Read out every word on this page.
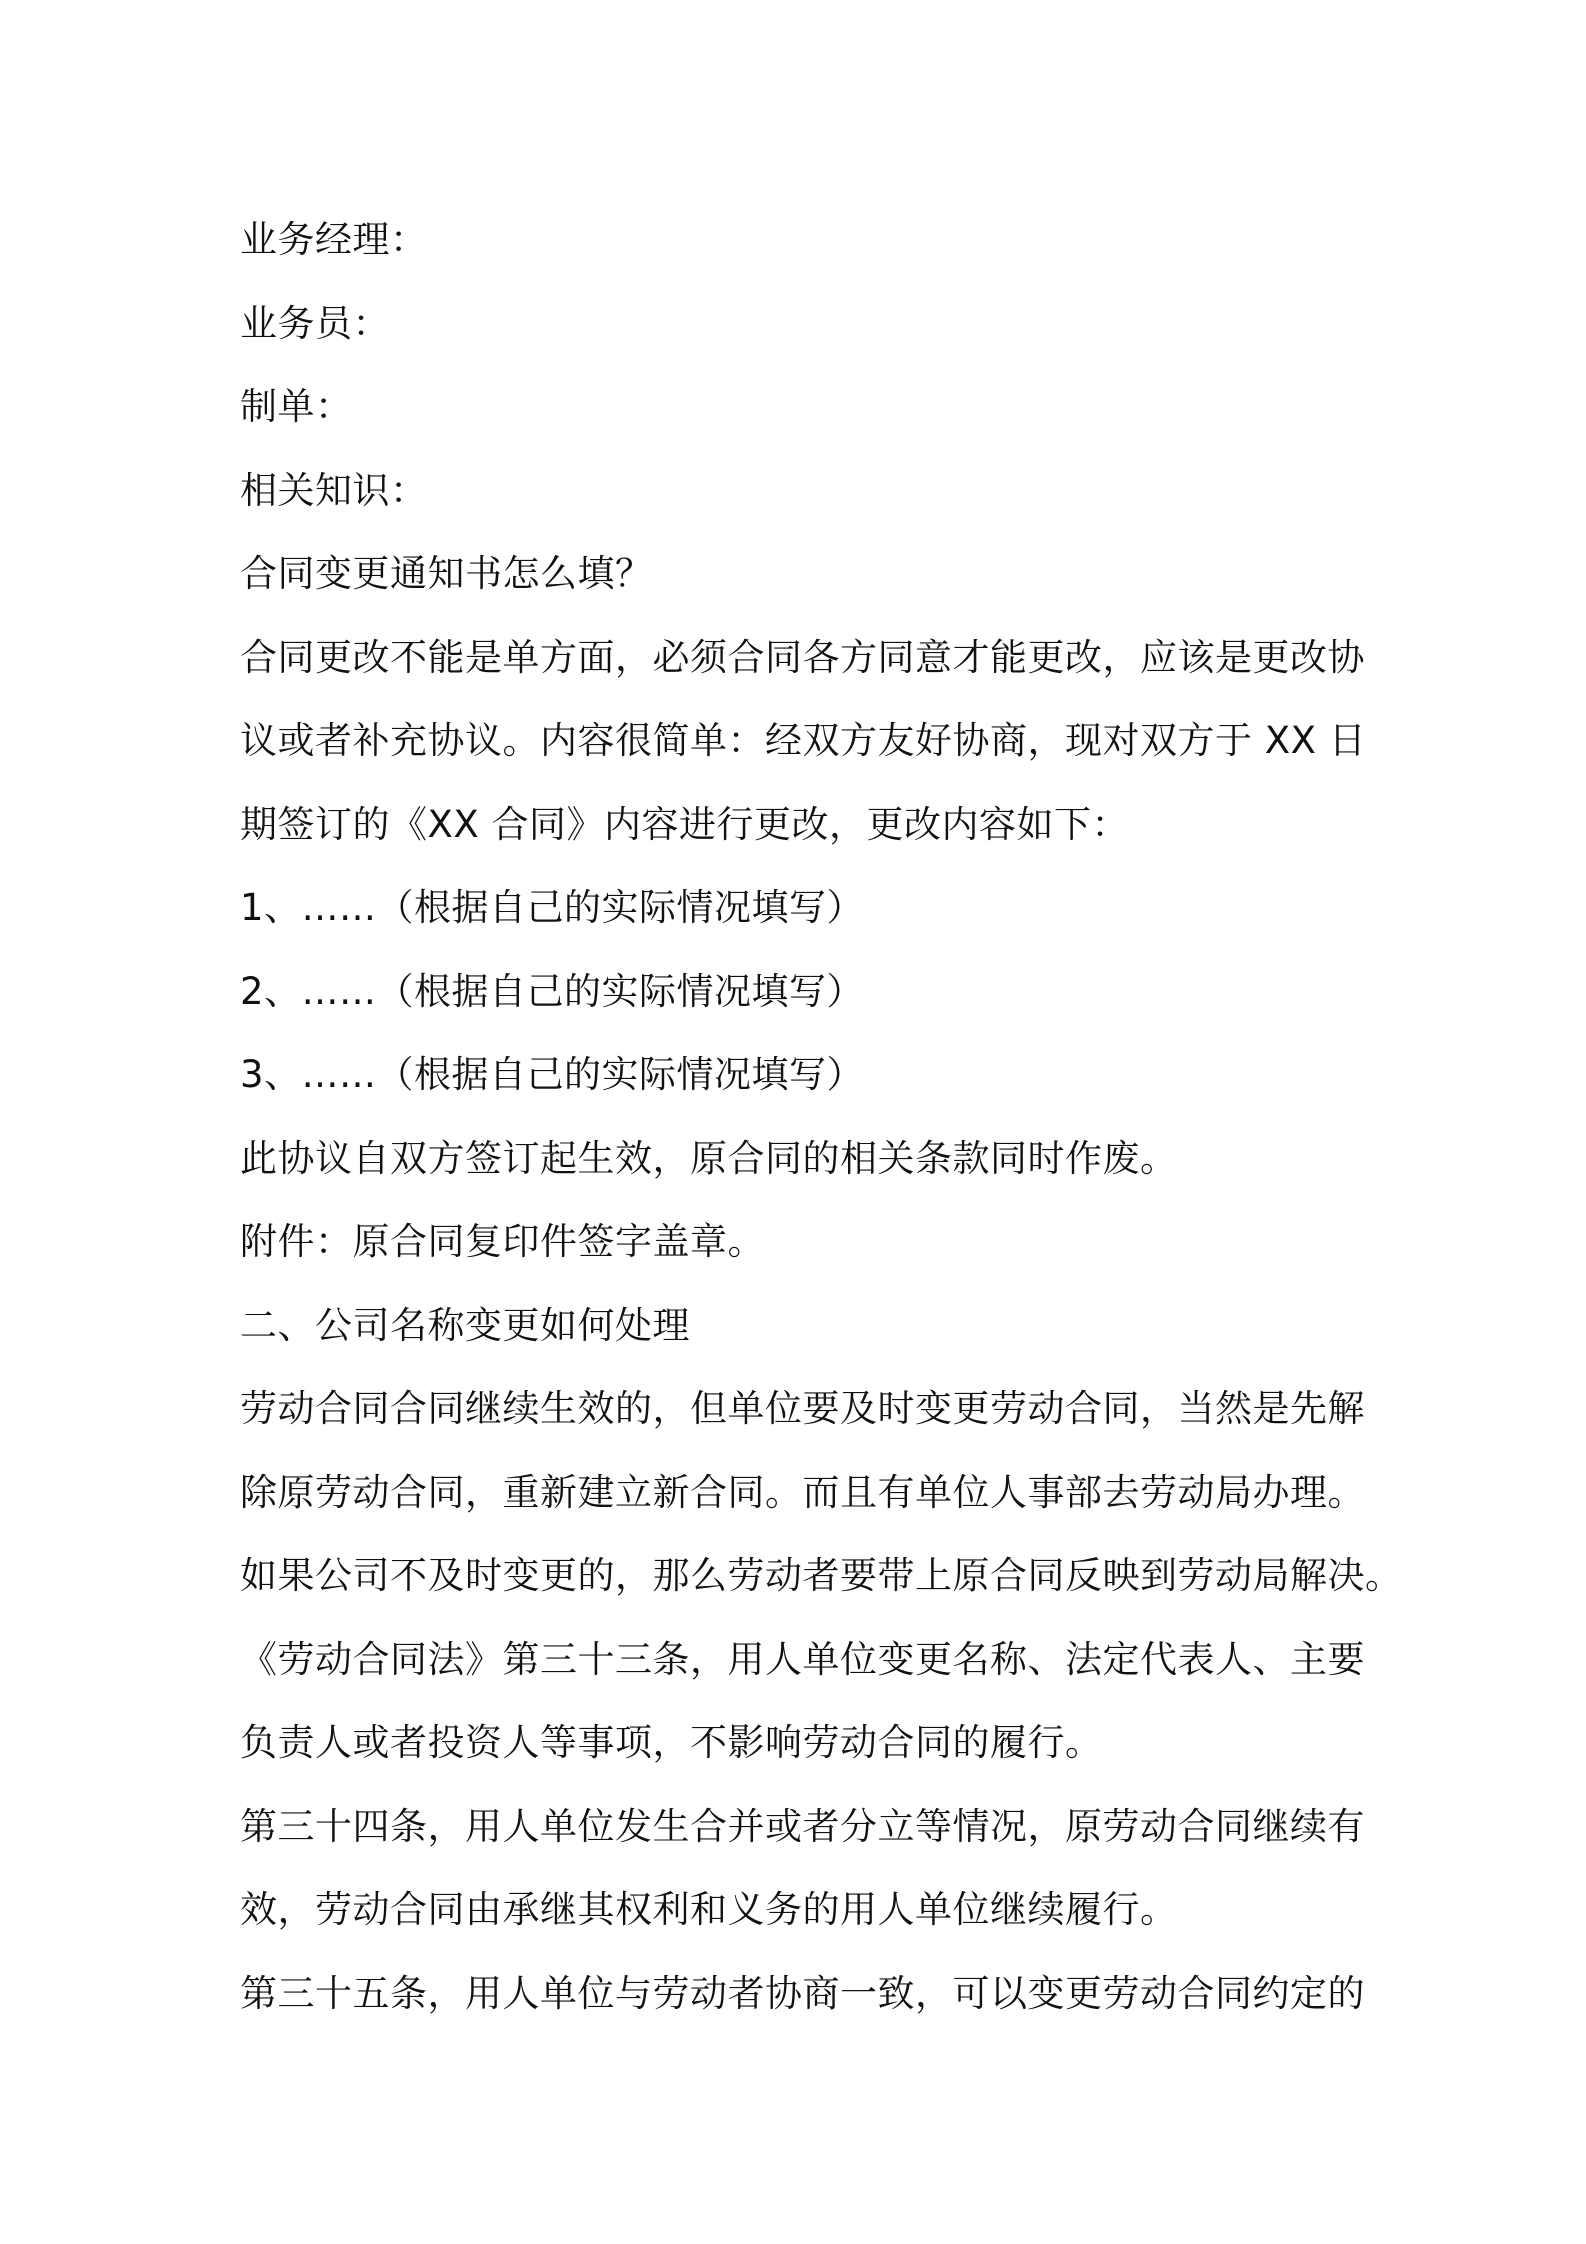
业务经理：
业务员：
制单：
相关知识：
合同变更通知书怎么填？
合同更改不能是单方面，必须合同各方同意才能更改，应该是更改协
议或者补充协议。内容很简单：经双方友好协商，现对双方于 XX 日
期签订的《XX 合同》内容进行更改，更改内容如下：
1、……（根据自己的实际情况填写）
2、……（根据自己的实际情况填写）
3、……（根据自己的实际情况填写）
此协议自双方签订起生效，原合同的相关条款同时作废。
附件：原合同复印件签字盖章。
二、公司名称变更如何处理
劳动合同合同继续生效的，但单位要及时变更劳动合同，当然是先解
除原劳动合同，重新建立新合同。而且有单位人事部去劳动局办理。
如果公司不及时变更的，那么劳动者要带上原合同反映到劳动局解决。
《劳动合同法》第三十三条，用人单位变更名称、法定代表人、主要
负责人或者投资人等事项，不影响劳动合同的履行。
第三十四条，用人单位发生合并或者分立等情况，原劳动合同继续有
效，劳动合同由承继其权利和义务的用人单位继续履行。
第三十五条，用人单位与劳动者协商一致，可以变更劳动合同约定的
